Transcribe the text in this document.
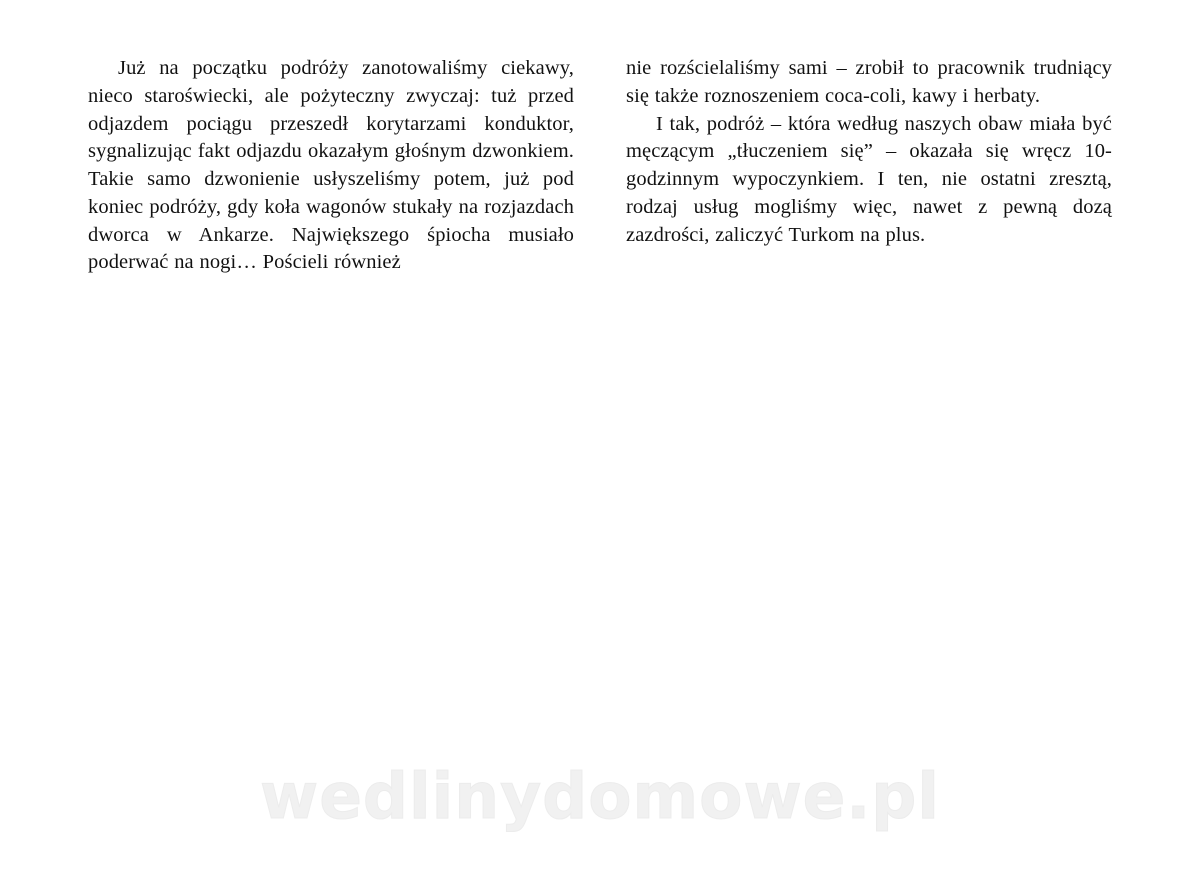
Już na początku podróży zanotowaliśmy ciekawy, nieco staroświecki, ale pożyteczny zwyczaj: tuż przed odjazdem pociągu przeszedł korytarzami konduktor, sygnalizując fakt odjazdu okazałym głośnym dzwonkiem. Takie samo dzwonienie usłyszeliśmy potem, już pod koniec podróży, gdy koła wagonów stukały na rozjazdach dworca w Ankarze. Największego śpiocha musiało poderwać na nogi… Pościeli również

nie rozścielaliśmy sami – zrobił to pracownik trudniący się także roznoszeniem coca-coli, kawy i herbaty.

I tak, podróż – która według naszych obaw miała być męczącym „tłuczeniem się” – okazała się wręcz 10-godzinnym wypoczynkiem. I ten, nie ostatni zresztą, rodzaj usług mogliśmy więc, nawet z pewną dozą zazdrości, zaliczyć Turkom na plus.

wedlinydomowe.pl
